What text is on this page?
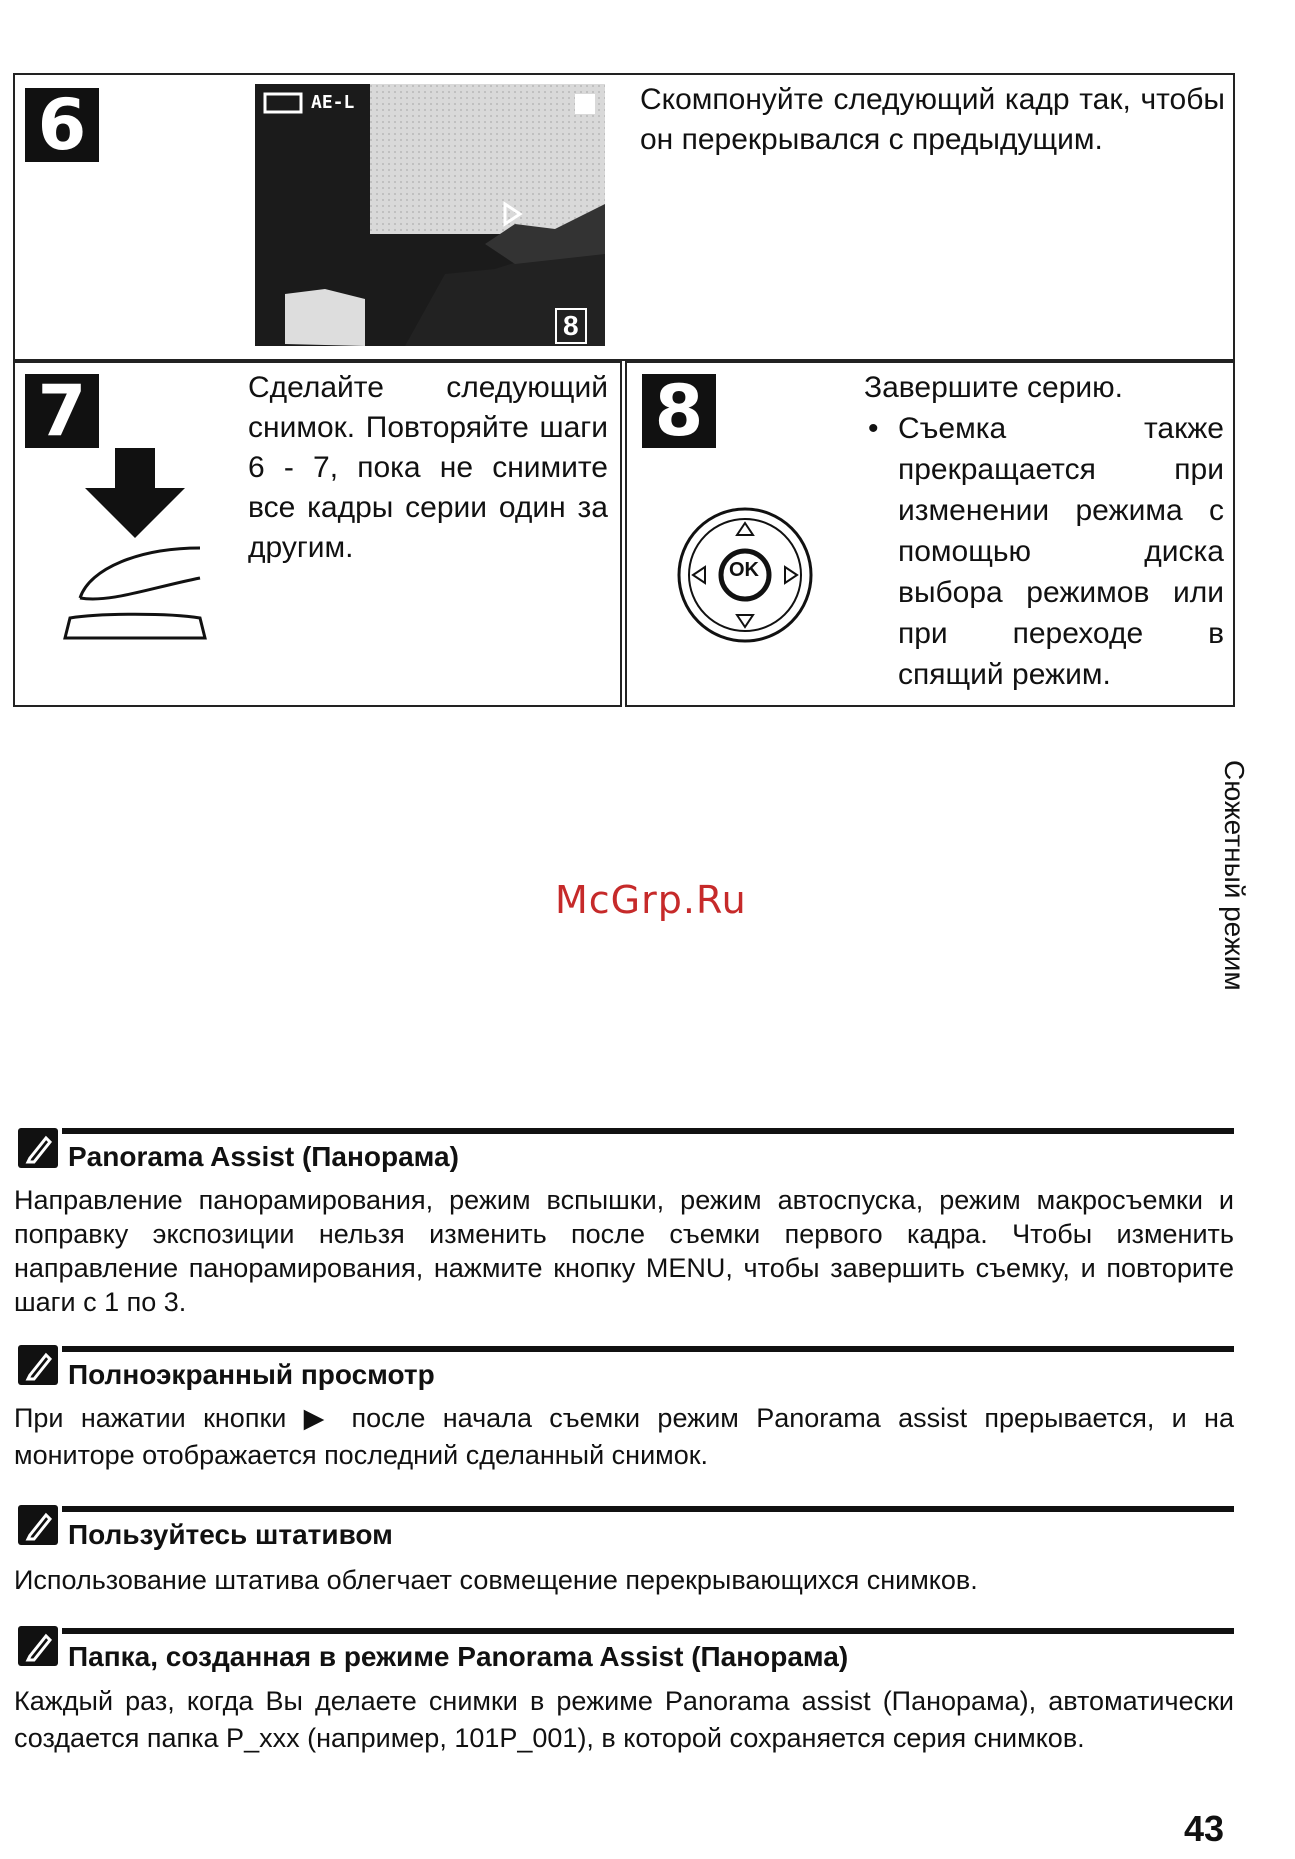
6	AE-L
8
Скомпонуйте следующий кадр так, чтобы он перекрывался с предыдущим.
7	Сделайте следующий снимок. Повторяйте шаги 6 - 7, пока не снимите все кадры серии один за другим.
8
OK
Завершите серию.
• Съемка также прекращается при изменении режима с помощью диска выбора режимов или при переходе в спящий режим.
Сюжетный режим
McGrp.Ru
Panorama Assist (Панорама)
Направление панорамирования, режим вспышки, режим автоспуска, режим макросъемки и поправку экспозиции нельзя изменить после съемки первого кадра. Чтобы изменить направление панорамирования, нажмите кнопку MENU, чтобы завершить съемку, и повторите шаги с 1 по 3.
Полноэкранный просмотр
При нажатии кнопки ▶ после начала съемки режим Panorama assist прерывается, и на мониторе отображается последний сделанный снимок.
Пользуйтесь штативом
Использование штатива облегчает совмещение перекрывающихся снимков.
Папка, созданная в режиме Panorama Assist (Панорама)
Каждый раз, когда Вы делаете снимки в режиме Panorama assist (Панорама), автоматически создается папка P_xxx (например, 101P_001), в которой сохраняется серия снимков.
43
